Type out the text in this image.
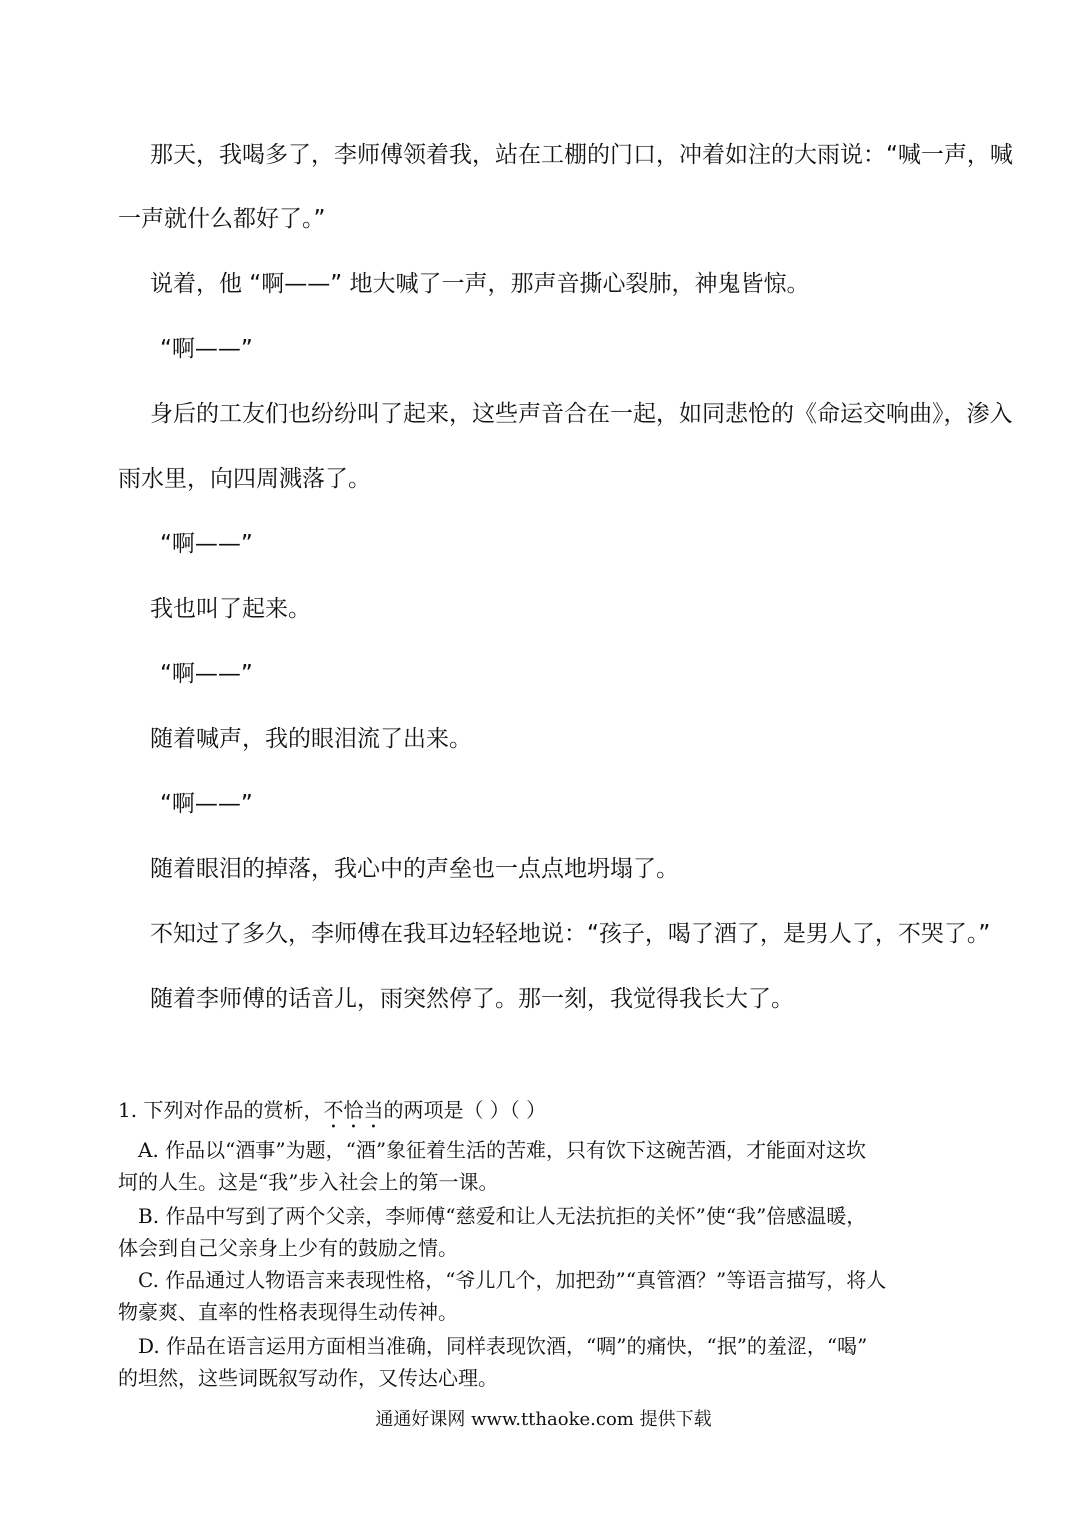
那天，我喝多了，李师傅领着我，站在工棚的门口，冲着如注的大雨说：“喊一声，喊

一声就什么都好了。”

说着，他 “啊——” 地大喊了一声，那声音撕心裂肺，神鬼皆惊。

“啊——”

身后的工友们也纷纷叫了起来，这些声音合在一起，如同悲怆的《命运交响曲》，渗入

雨水里，向四周溅落了。

“啊——”

我也叫了起来。

“啊——”

随着喊声，我的眼泪流了出来。

“啊——”

随着眼泪的掉落，我心中的声垒也一点点地坍塌了。

不知过了多久，李师傅在我耳边轻轻地说：“孩子，喝了酒了，是男人了，不哭了。”

随着李师傅的话音儿，雨突然停了。那一刻，我觉得我长大了。

1. 下列对作品的赏析，不恰当的两项是（ ）（ ）

A. 作品以“酒事”为题，“酒”象征着生活的苦难，只有饮下这碗苦酒，才能面对这坎

坷的人生。这是“我”步入社会上的第一课。

B. 作品中写到了两个父亲，李师傅“慈爱和让人无法抗拒的关怀”使“我”倍感温暖，

体会到自己父亲身上少有的鼓励之情。

C. 作品通过人物语言来表现性格，“爷儿几个，加把劲”“真管酒？”等语言描写，将人

物豪爽、直率的性格表现得生动传神。

D. 作品在语言运用方面相当准确，同样表现饮酒，“啁”的痛快，“抿”的羞涩，“喝”

的坦然，这些词既叙写动作，又传达心理。

通通好课网 www.tthaoke.com 提供下载
